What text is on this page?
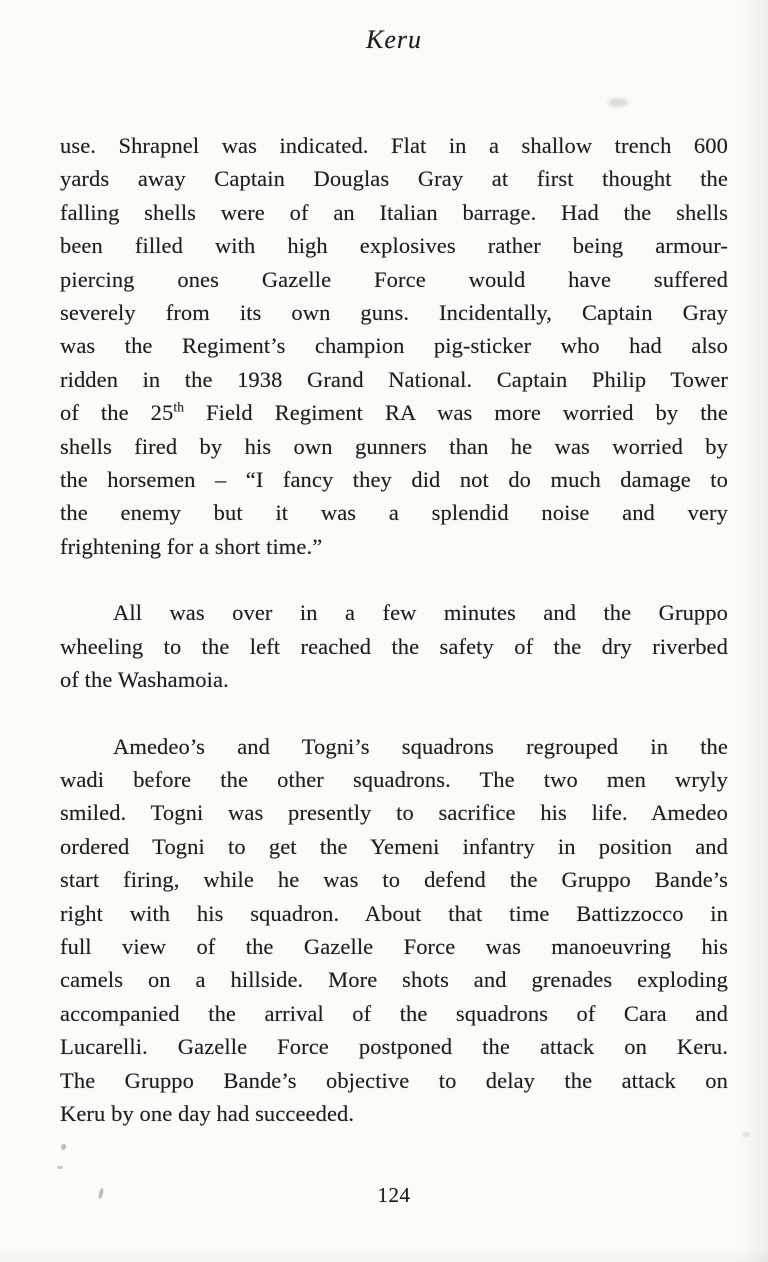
Keru
use. Shrapnel was indicated. Flat in a shallow trench 600
yards away Captain Douglas Gray at first thought the
falling shells were of an Italian barrage. Had the shells
been filled with high explosives rather being armour-
piercing ones Gazelle Force would have suffered
severely from its own guns. Incidentally, Captain Gray
was the Regiment’s champion pig-sticker who had also
ridden in the 1938 Grand National. Captain Philip Tower
of the 25th Field Regiment RA was more worried by the
shells fired by his own gunners than he was worried by
the horsemen – “I fancy they did not do much damage to
the enemy but it was a splendid noise and very
frightening for a short time.”
All was over in a few minutes and the Gruppo
wheeling to the left reached the safety of the dry riverbed
of the Washamoia.
Amedeo’s and Togni’s squadrons regrouped in the
wadi before the other squadrons. The two men wryly
smiled. Togni was presently to sacrifice his life. Amedeo
ordered Togni to get the Yemeni infantry in position and
start firing, while he was to defend the Gruppo Bande’s
right with his squadron. About that time Battizzocco in
full view of the Gazelle Force was manoeuvring his
camels on a hillside. More shots and grenades exploding
accompanied the arrival of the squadrons of Cara and
Lucarelli. Gazelle Force postponed the attack on Keru.
The Gruppo Bande’s objective to delay the attack on
Keru by one day had succeeded.
124
